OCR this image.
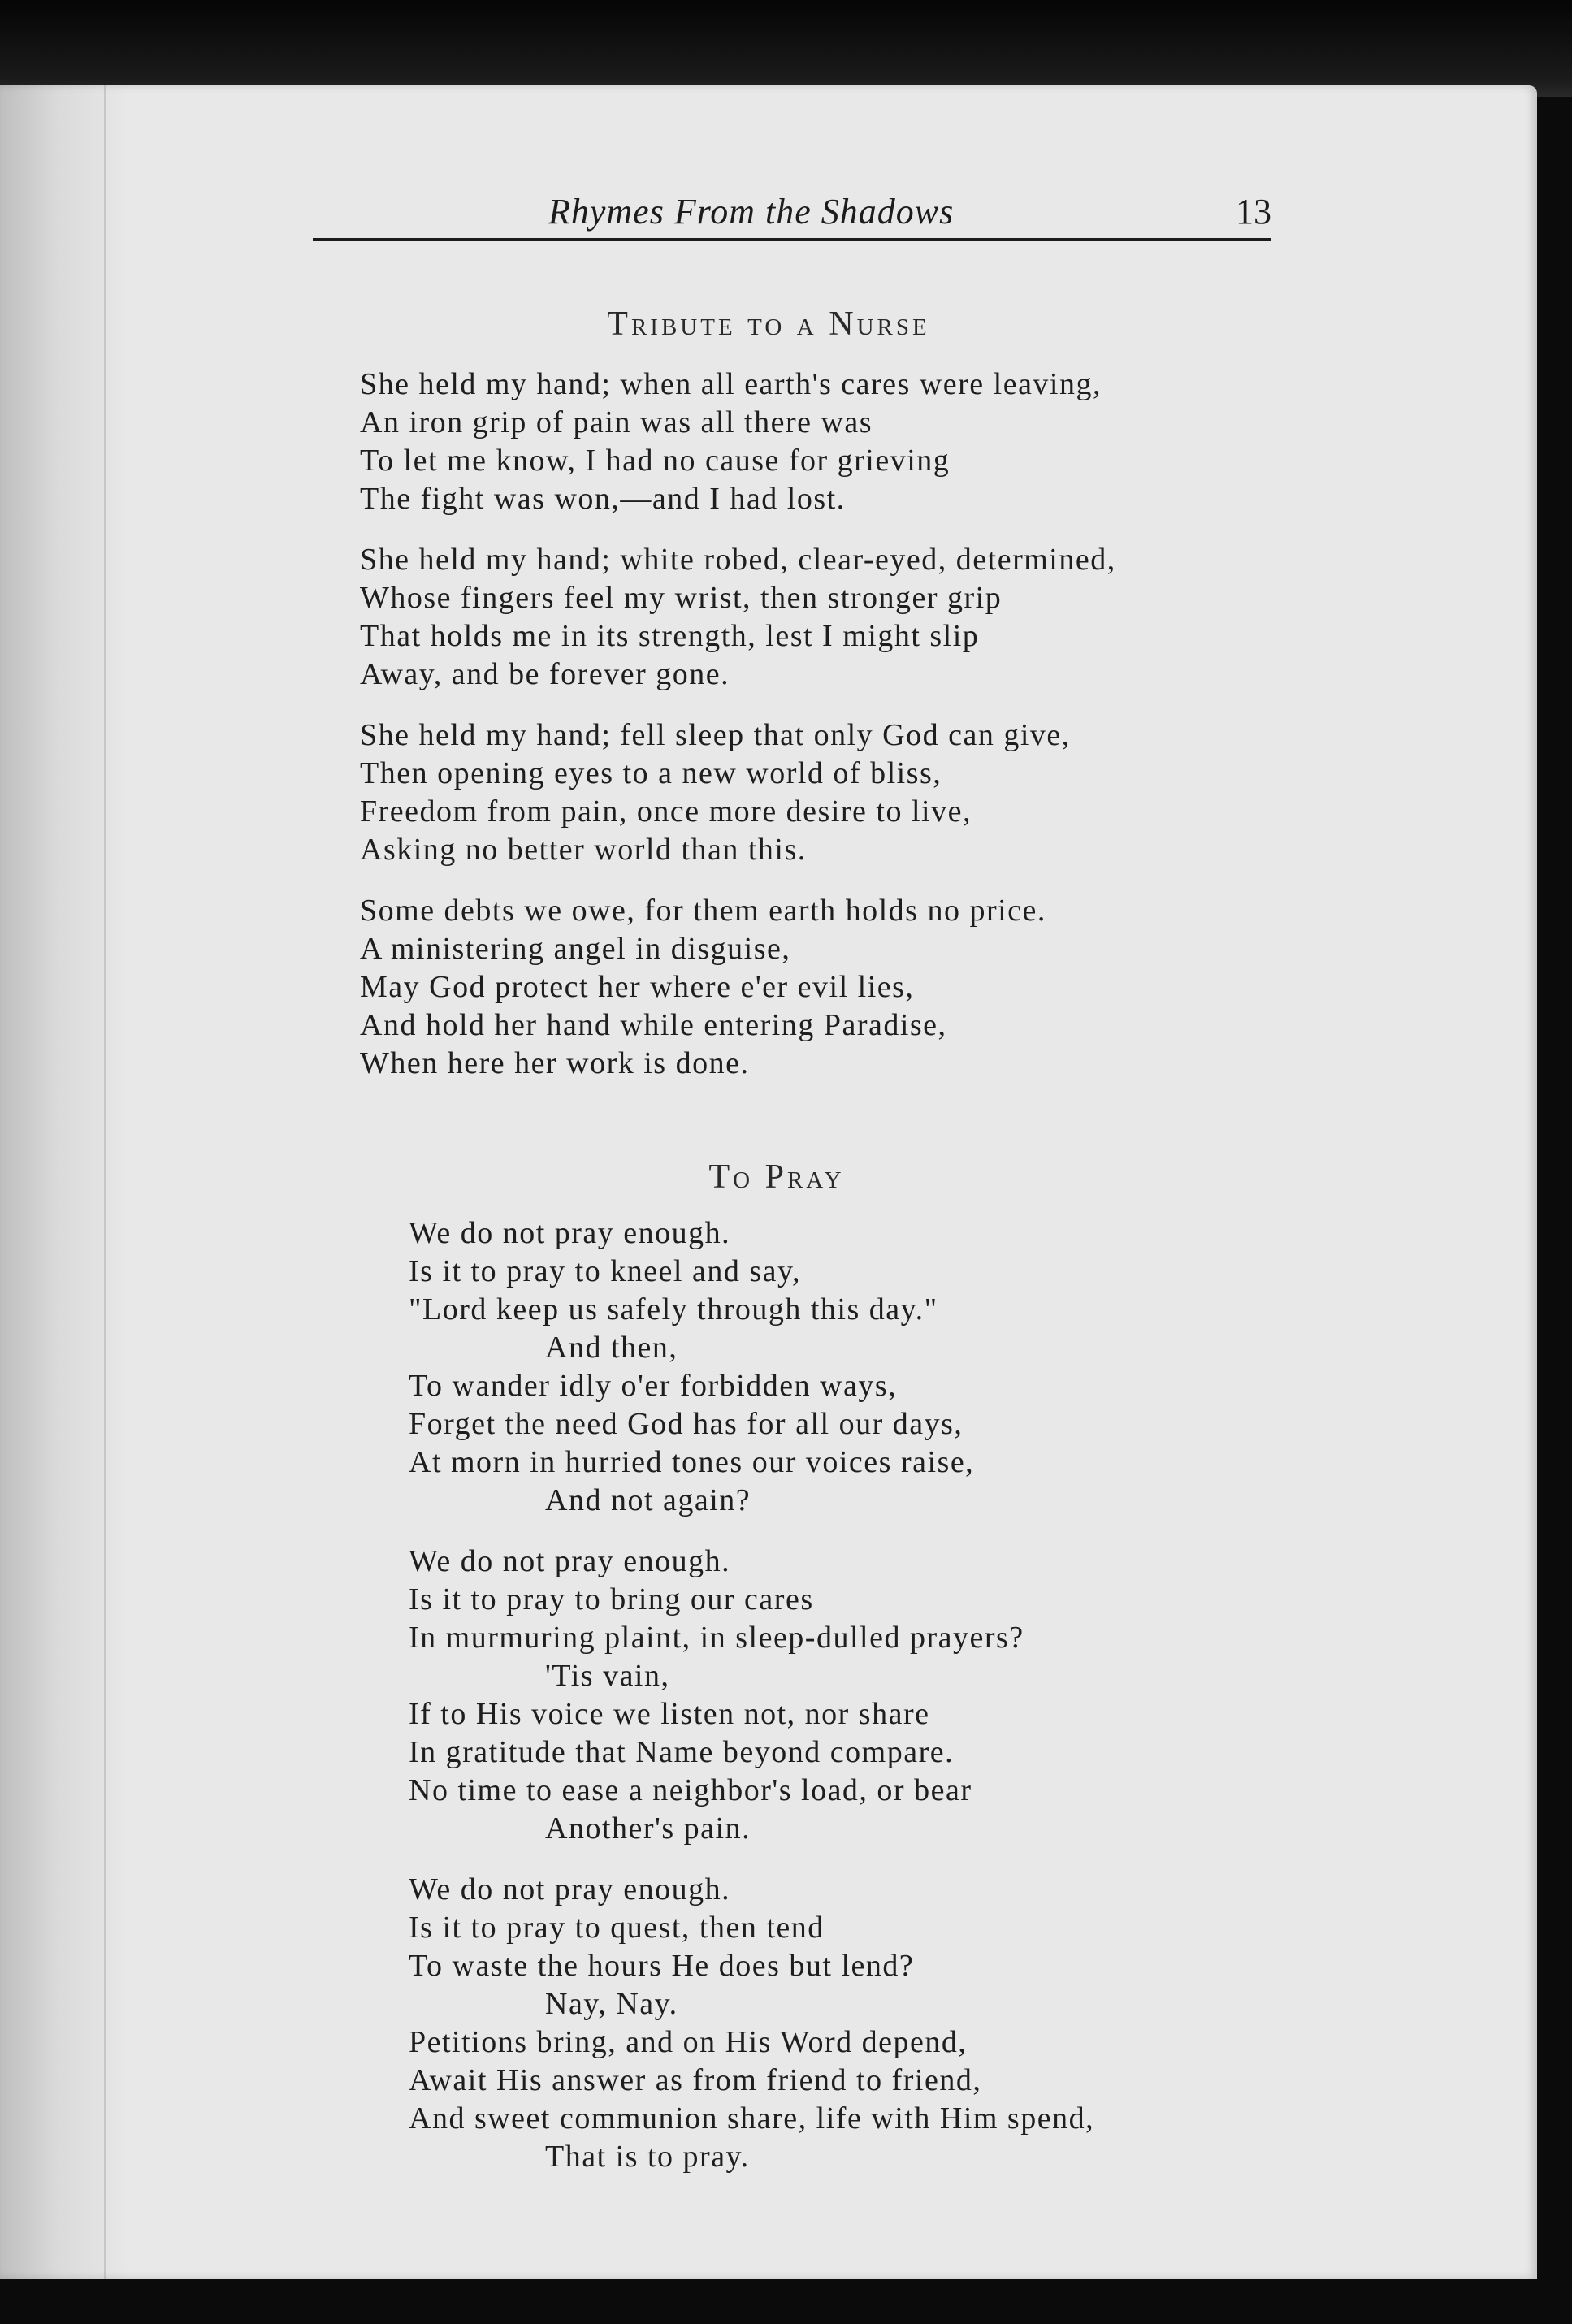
Rhymes From the Shadows	13
Tribute to a Nurse
She held my hand; when all earth's cares were leaving,
An iron grip of pain was all there was
To let me know, I had no cause for grieving
The fight was won,—and I had lost.
She held my hand; white robed, clear-eyed, determined,
Whose fingers feel my wrist, then stronger grip
That holds me in its strength, lest I might slip
Away, and be forever gone.
She held my hand; fell sleep that only God can give,
Then opening eyes to a new world of bliss,
Freedom from pain, once more desire to live,
Asking no better world than this.
Some debts we owe, for them earth holds no price.
A ministering angel in disguise,
May God protect her where e'er evil lies,
And hold her hand while entering Paradise,
When here her work is done.
To Pray
We do not pray enough.
Is it to pray to kneel and say,
"Lord keep us safely through this day."
And then,
To wander idly o'er forbidden ways,
Forget the need God has for all our days,
At morn in hurried tones our voices raise,
And not again?
We do not pray enough.
Is it to pray to bring our cares
In murmuring plaint, in sleep-dulled prayers?
'Tis vain,
If to His voice we listen not, nor share
In gratitude that Name beyond compare.
No time to ease a neighbor's load, or bear
Another's pain.
We do not pray enough.
Is it to pray to quest, then tend
To waste the hours He does but lend?
Nay, Nay.
Petitions bring, and on His Word depend,
Await His answer as from friend to friend,
And sweet communion share, life with Him spend,
That is to pray.
